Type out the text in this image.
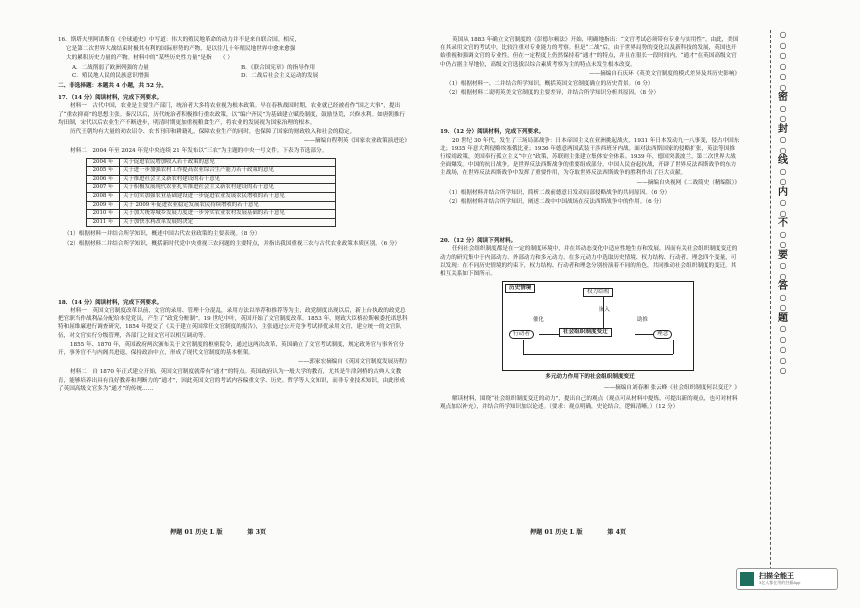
16．斯塔夫里阿诺斯在《全球通史》中写道：伟大的殖民地革命的动力并不是来自联合国。相反，

它是第二次世界大战结束时极其有利的国际形势的产物，是以往几十年殖民地世界中愈来愈强

大的累积历史力量的产物。材料中的“某些历史性力量”是指　　 （ ）

A．二战削弱了欧洲列强的力量	B．《联合国宪章》的指导作用
C．殖民地人民的民族意识增强	D．二战后社会主义运动的发展
二、非选择题：本题共 4 小题，共 52 分。
17．（14 分）阅读材料，完成下列要求。

材料一　古代中国，农业是主要生产部门，统治者大多将农业视为根本政策。早在春秋战国时期，农业就已经被看作“国之大事”，提出了“重农抑商”的思想主张。秦汉以后，历代统治者积极推行重农政策，以“编户齐民”为基础建立赋役制度，鼓励垦荒，兴修水利。如唐朝推行均田制，宋代以后农业生产不断进步，明清时期更加重视粮食生产，将农业的发展视为国家治理的根本。

历代王朝均有大量的劝农诏令、农书刊印和耕籍礼，保障农业生产的同时，也保障了国家的财政收入和社会的稳定。

——摘编自程利英《国家农业政策演进论》

材料二　2004 年至 2024 年党中央连续 21 年发布以“三农”为主题的中央一号文件。下表为节选部分。

2004 年	关于促进农民增加收入若干政策的意见
2005 年	关于进一步加强农村工作提高农业综合生产能力若干政策的意见
2006 年	关于推进社会主义新农村建设的若干意见
2007 年	关于积极发展现代农业扎实推进社会主义新农村建设的若干意见
2008 年	关于切实加强农业基础建设进一步促进农业发展农民增收的若干意见
2009 年	关于 2009 年促进农业稳定发展农民持续增收的若干意见
2010 年	关于加大统筹城乡发展力度进一步夯实农业农村发展基础的若干意见
2011 年	关于加快水利改革发展的决定

（1）根据材料一并结合所学知识，概述中国古代农业政策的主要表现。（8 分）

（2）根据材料二并结合所学知识，概括新时代党中央重视三农问题的主要特点，并指出我国重视三农与古代农业政策本质区别。（6 分）

18．（14 分）阅读材料，完成下列要求。

材料一　英国文官制度改革以前，文官的录用、管理十分混乱，录用方法以举荐和推荐等为主，政党制度出现以后，新上台执政的政党总把官职当作战利品分配给本党党员，产生了“政党分赃制”。19 世纪中叶，英国开始了文官制度改革。1853 年，财政大臣格拉斯顿委托诺思科特和屈维廉进行调查研究，1854 年提交了《关于建立英国常任文官制度的报告》，主张通过公开竞争考试择优录用文官，建立统一的文官队伍，对文官实行分级管理，各部门之间文官可以相互调动等。

1855 年、1870 年，英国政府两次颁布关于文官制度的枢密院令，通过这两次改革，英国确立了文官考试制度，规定政务官与事务官分开，事务官不与内阁共进退，保持政治中立，形成了现代文官制度的基本框架。

——郭家宏摘编自《英国文官制度发展历程》

材料二　自 1870 年正式建立开始，英国文官制度就带有“通才”的特点。英国政府认为一般大学的教育，尤其是牛津剑桥的古典人文教育，能够培养出具有良好教养和判断力的“通才”，因此英国文官的考试内容偏重文学、历史、哲学等人文知识，而非专业技术知识，由此形成了英国高级文官多为“通才”的传统……

押题 01 历史 L 版　　　　第 3页

英国从 1883 年确立文官制度的《彭德尔顿法》开始，明确地指出：“文官考试必须带有专业与实用性”。由此，美国在其录用文官的考试中，比较注重对专业能力的考察。但是“二战”后，由于世界局势的变化以及新科技的发展，英国也开始重视和强调文官的专业性，但在一定程度上仍然保持着“通才”的特点，并且在很长一段时间内，“通才”在英国高级文官中仍占据主导地位，高级文官选拔以综合素质考察为主的特点未发生根本改变。

——摘编自石庆环《英美文官制度的模式差异及其历史影响》

（1）根据材料一、二并结合所学知识，概括英国文官制度确立的历史背景。（6 分）

（2）根据材料二说明英美文官制度的主要差异，并结合所学知识分析其原因。（8 分）

19．（12 分）阅读材料，完成下列要求。

20 世纪 30 年代，发生了三场局部战争：日本帝国主义在亚洲挑起战火，1931 年日本发动九一八事变，侵占中国东北；1935 年意大利侵略埃塞俄比亚；1936 年德意两国武装干涉西班牙内战。面对法西斯国家的侵略扩张，英法等国推行绥靖政策，美国奉行孤立主义“中立”政策，苏联则主张建立集体安全体系。1939 年，德国突袭波兰，第二次世界大战全面爆发。中国的抗日战争，是世界反法西斯战争的重要组成部分。中国人民奋起抗战，开辟了世界反法西斯战争的东方主战场，在世界反法西斯战争中发挥了重要作用，为夺取世界反法西斯战争的胜利作出了巨大贡献。

——摘编自央视网《二战简史（精编版）》

（1）根据材料并结合所学知识，简析二战前德意日发动局部侵略战争的共同原因。（6 分）

（2）根据材料并结合所学知识，阐述二战中中国战场在反法西斯战争中的作用。（6 分）

20．（12 分）阅读下列材料。

任何社会组织制度都是在一定的制度环境中，并在其动态变化中适应性地生存和发展。因而有关社会组织制度变迁的动力的研究集中于内部动力、外部动力和多元动力。在多元动力中选取历史情境、权力结构、行动者、理念四个变量，可以发现：在不同历史情境的约束下，权力结构、行动者和理念分别扮演着不同的角色，共同推动社会组织制度的变迁。其相互关系如下图所示。

历史情境
权力结构
行动者	社会组织制度变迁	理念
嵌入
催化	助推
多元动力作用下的社会组织制度变迁
——摘编自刘春湘 张云峰《社会组织制度何以变迁？》

解读材料，围绕“社会组织制度变迁的动力”，提出自己的观点（观点可从材料中提炼，可提出新的观点，也可对材料观点加以补充），并结合所学知识加以论述。（要求：观点明确，史论结合，逻辑清晰。）（12 分）

押题 01 历史 L 版　　　　第 4页
○
○
○
○
○
○
密
○
○
封
○
○
线
○
○
内
○
○
不
○
○
要
○
○
答
○
○
题
○
○
○
○
○
扫描全能王
3亿人都在用的扫描App
